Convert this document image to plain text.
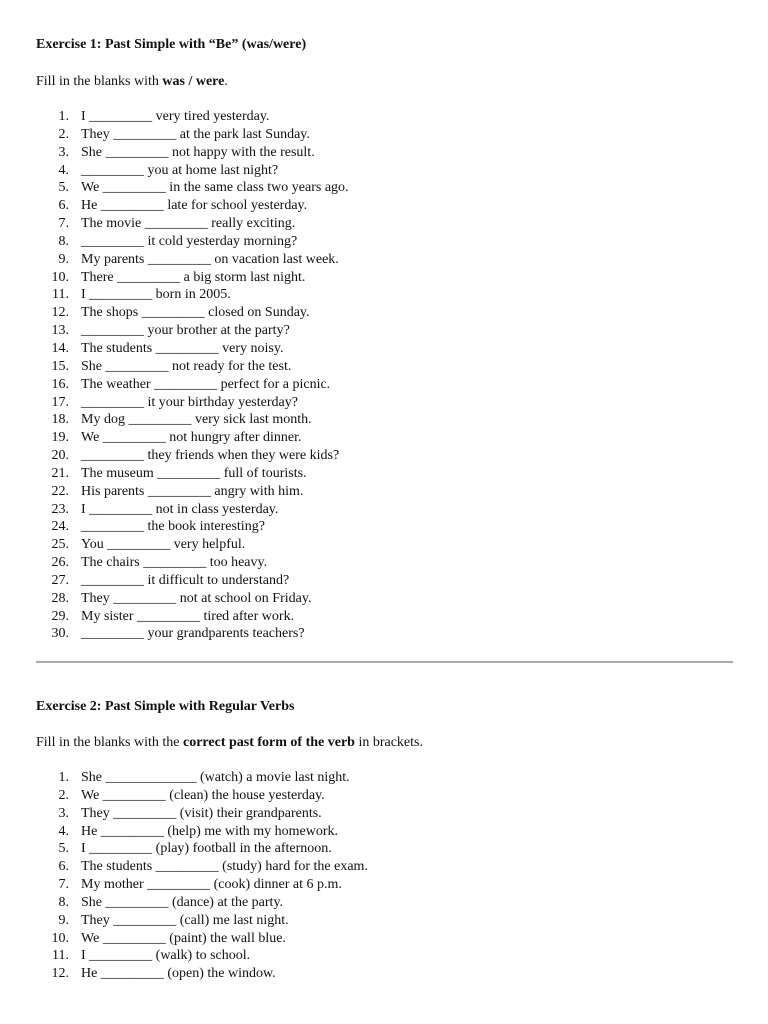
Exercise 1: Past Simple with “Be” (was/were)
Fill in the blanks with was / were.
1. I _________ very tired yesterday.
2. They _________ at the park last Sunday.
3. She _________ not happy with the result.
4. _________ you at home last night?
5. We _________ in the same class two years ago.
6. He _________ late for school yesterday.
7. The movie _________ really exciting.
8. _________ it cold yesterday morning?
9. My parents _________ on vacation last week.
10. There _________ a big storm last night.
11. I _________ born in 2005.
12. The shops _________ closed on Sunday.
13. _________ your brother at the party?
14. The students _________ very noisy.
15. She _________ not ready for the test.
16. The weather _________ perfect for a picnic.
17. _________ it your birthday yesterday?
18. My dog _________ very sick last month.
19. We _________ not hungry after dinner.
20. _________ they friends when they were kids?
21. The museum _________ full of tourists.
22. His parents _________ angry with him.
23. I _________ not in class yesterday.
24. _________ the book interesting?
25. You _________ very helpful.
26. The chairs _________ too heavy.
27. _________ it difficult to understand?
28. They _________ not at school on Friday.
29. My sister _________ tired after work.
30. _________ your grandparents teachers?
Exercise 2: Past Simple with Regular Verbs
Fill in the blanks with the correct past form of the verb in brackets.
1. She _____________ (watch) a movie last night.
2. We _________ (clean) the house yesterday.
3. They _________ (visit) their grandparents.
4. He _________ (help) me with my homework.
5. I _________ (play) football in the afternoon.
6. The students _________ (study) hard for the exam.
7. My mother _________ (cook) dinner at 6 p.m.
8. She _________ (dance) at the party.
9. They _________ (call) me last night.
10. We _________ (paint) the wall blue.
11. I _________ (walk) to school.
12. He _________ (open) the window.
